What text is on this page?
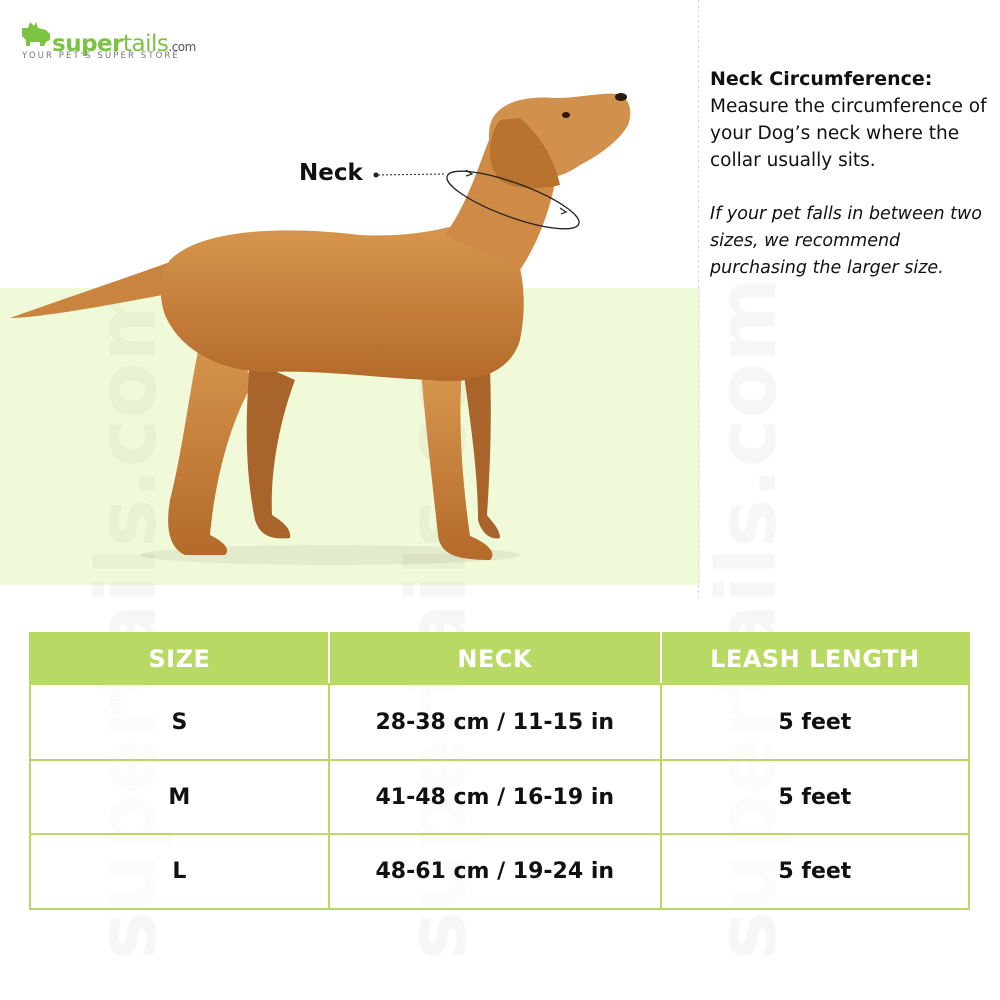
supertails.com
YOUR PET'S SUPER STORE
Neck
Neck Circumference:
Measure the circumference of your Dog’s neck where the collar usually sits.
If your pet falls in between two sizes, we recommend purchasing the larger size.
SIZE	NECK	LEASH LENGTH
S	28-38 cm / 11-15 in	5 feet
M	41-48 cm / 16-19 in	5 feet
L	48-61 cm / 19-24 in	5 feet
